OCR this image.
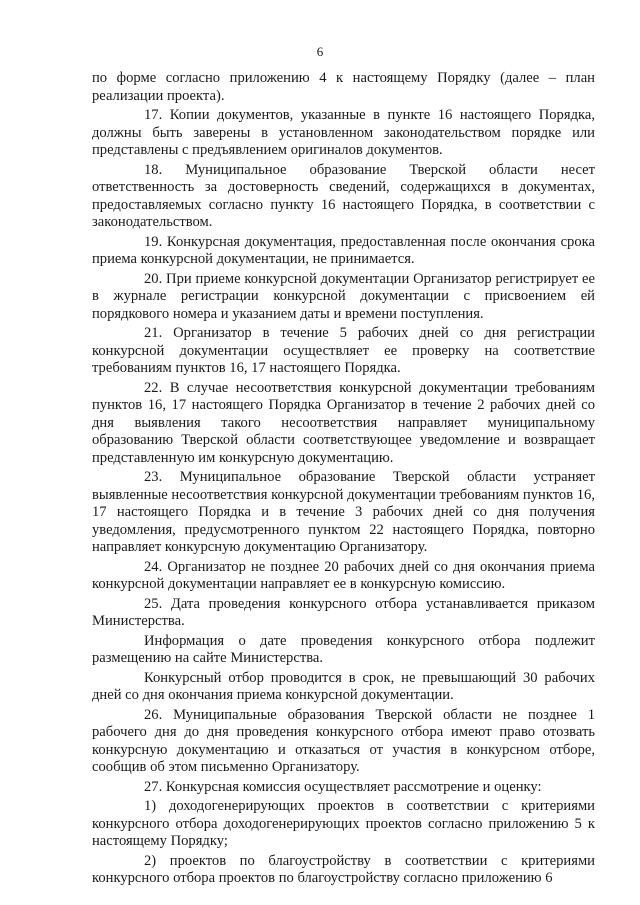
6

по форме согласно приложению 4 к настоящему Порядку (далее – план реализации проекта).

17. Копии документов, указанные в пункте 16 настоящего Порядка, должны быть заверены в установленном законодательством порядке или представлены с предъявлением оригиналов документов.

18. Муниципальное образование Тверской области несет ответственность за достоверность сведений, содержащихся в документах, предоставляемых согласно пункту 16 настоящего Порядка, в соответствии с законодательством.

19. Конкурсная документация, предоставленная после окончания срока приема конкурсной документации, не принимается.

20. При приеме конкурсной документации Организатор регистрирует ее в журнале регистрации конкурсной документации с присвоением ей порядкового номера и указанием даты и времени поступления.

21. Организатор в течение 5 рабочих дней со дня регистрации конкурсной документации осуществляет ее проверку на соответствие требованиям пунктов 16, 17 настоящего Порядка.

22. В случае несоответствия конкурсной документации требованиям пунктов 16, 17 настоящего Порядка Организатор в течение 2 рабочих дней со дня выявления такого несоответствия направляет муниципальному образованию Тверской области соответствующее уведомление и возвращает представленную им конкурсную документацию.

23. Муниципальное образование Тверской области устраняет выявленные несоответствия конкурсной документации требованиям пунктов 16, 17 настоящего Порядка и в течение 3 рабочих дней со дня получения уведомления, предусмотренного пунктом 22 настоящего Порядка, повторно направляет конкурсную документацию Организатору.

24. Организатор не позднее 20 рабочих дней со дня окончания приема конкурсной документации направляет ее в конкурсную комиссию.

25. Дата проведения конкурсного отбора устанавливается приказом Министерства.

Информация о дате проведения конкурсного отбора подлежит размещению на сайте Министерства.

Конкурсный отбор проводится в срок, не превышающий 30 рабочих дней со дня окончания приема конкурсной документации.

26. Муниципальные образования Тверской области не позднее 1 рабочего дня до дня проведения конкурсного отбора имеют право отозвать конкурсную документацию и отказаться от участия в конкурсном отборе, сообщив об этом письменно Организатору.

27. Конкурсная комиссия осуществляет рассмотрение и оценку:

1) доходогенерирующих проектов в соответствии с критериями конкурсного отбора доходогенерирующих проектов согласно приложению 5 к настоящему Порядку;

2) проектов по благоустройству в соответствии с критериями конкурсного отбора проектов по благоустройству согласно приложению 6
